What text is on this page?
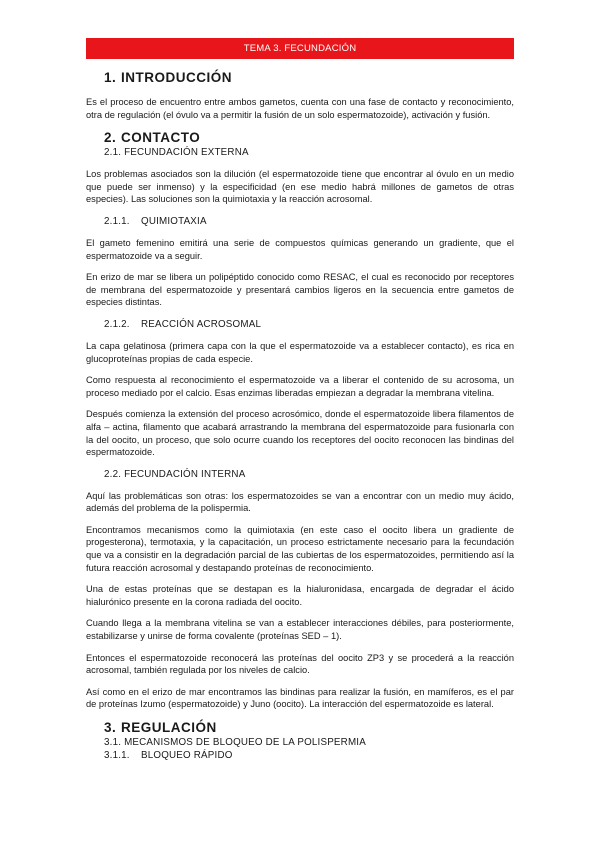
TEMA 3. FECUNDACIÓN
1. INTRODUCCIÓN

Es el proceso de encuentro entre ambos gametos, cuenta con una fase de contacto y reconocimiento, otra de regulación (el óvulo va a permitir la fusión de un solo espermatozoide), activación y fusión.

2. CONTACTO
2.1. FECUNDACIÓN EXTERNA

Los problemas asociados son la dilución (el espermatozoide tiene que encontrar al óvulo en un medio que puede ser inmenso) y la especificidad (en ese medio habrá millones de gametos de otras especies). Las soluciones son la quimiotaxia y la reacción acrosomal.

2.1.1. QUIMIOTAXIA

El gameto femenino emitirá una serie de compuestos químicas generando un gradiente, que el espermatozoide va a seguir.

En erizo de mar se libera un polipéptido conocido como RESAC, el cual es reconocido por receptores de membrana del espermatozoide y presentará cambios ligeros en la secuencia entre gametos de especies distintas.

2.1.2. REACCIÓN ACROSOMAL

La capa gelatinosa (primera capa con la que el espermatozoide va a establecer contacto), es rica en glucoproteínas propias de cada especie.

Como respuesta al reconocimiento el espermatozoide va a liberar el contenido de su acrosoma, un proceso mediado por el calcio. Esas enzimas liberadas empiezan a degradar la membrana vitelina.

Después comienza la extensión del proceso acrosómico, donde el espermatozoide libera filamentos de alfa – actina, filamento que acabará arrastrando la membrana del espermatozoide para fusionarla con la del oocito, un proceso, que solo ocurre cuando los receptores del oocito reconocen las bindinas del espermatozoide.

2.2. FECUNDACIÓN INTERNA

Aquí las problemáticas son otras: los espermatozoides se van a encontrar con un medio muy ácido, además del problema de la polispermia.

Encontramos mecanismos como la quimiotaxia (en este caso el oocito libera un gradiente de progesterona), termotaxia, y la capacitación, un proceso estrictamente necesario para la fecundación que va a consistir en la degradación parcial de las cubiertas de los espermatozoides, permitiendo así la futura reacción acrosomal y destapando proteínas de reconocimiento.

Una de estas proteínas que se destapan es la hialuronidasa, encargada de degradar el ácido hialurónico presente en la corona radiada del oocito.

Cuando llega a la membrana vitelina se van a establecer interacciones débiles, para posteriormente, estabilizarse y unirse de forma covalente (proteínas SED – 1).

Entonces el espermatozoide reconocerá las proteínas del oocito ZP3 y se procederá a la reacción acrosomal, también regulada por los niveles de calcio.

Así como en el erizo de mar encontramos las bindinas para realizar la fusión, en mamíferos, es el par de proteínas Izumo (espermatozoide) y Juno (oocito). La interacción del espermatozoide es lateral.

3. REGULACIÓN
3.1. MECANISMOS DE BLOQUEO DE LA POLISPERMIA
3.1.1. BLOQUEO RÁPIDO
